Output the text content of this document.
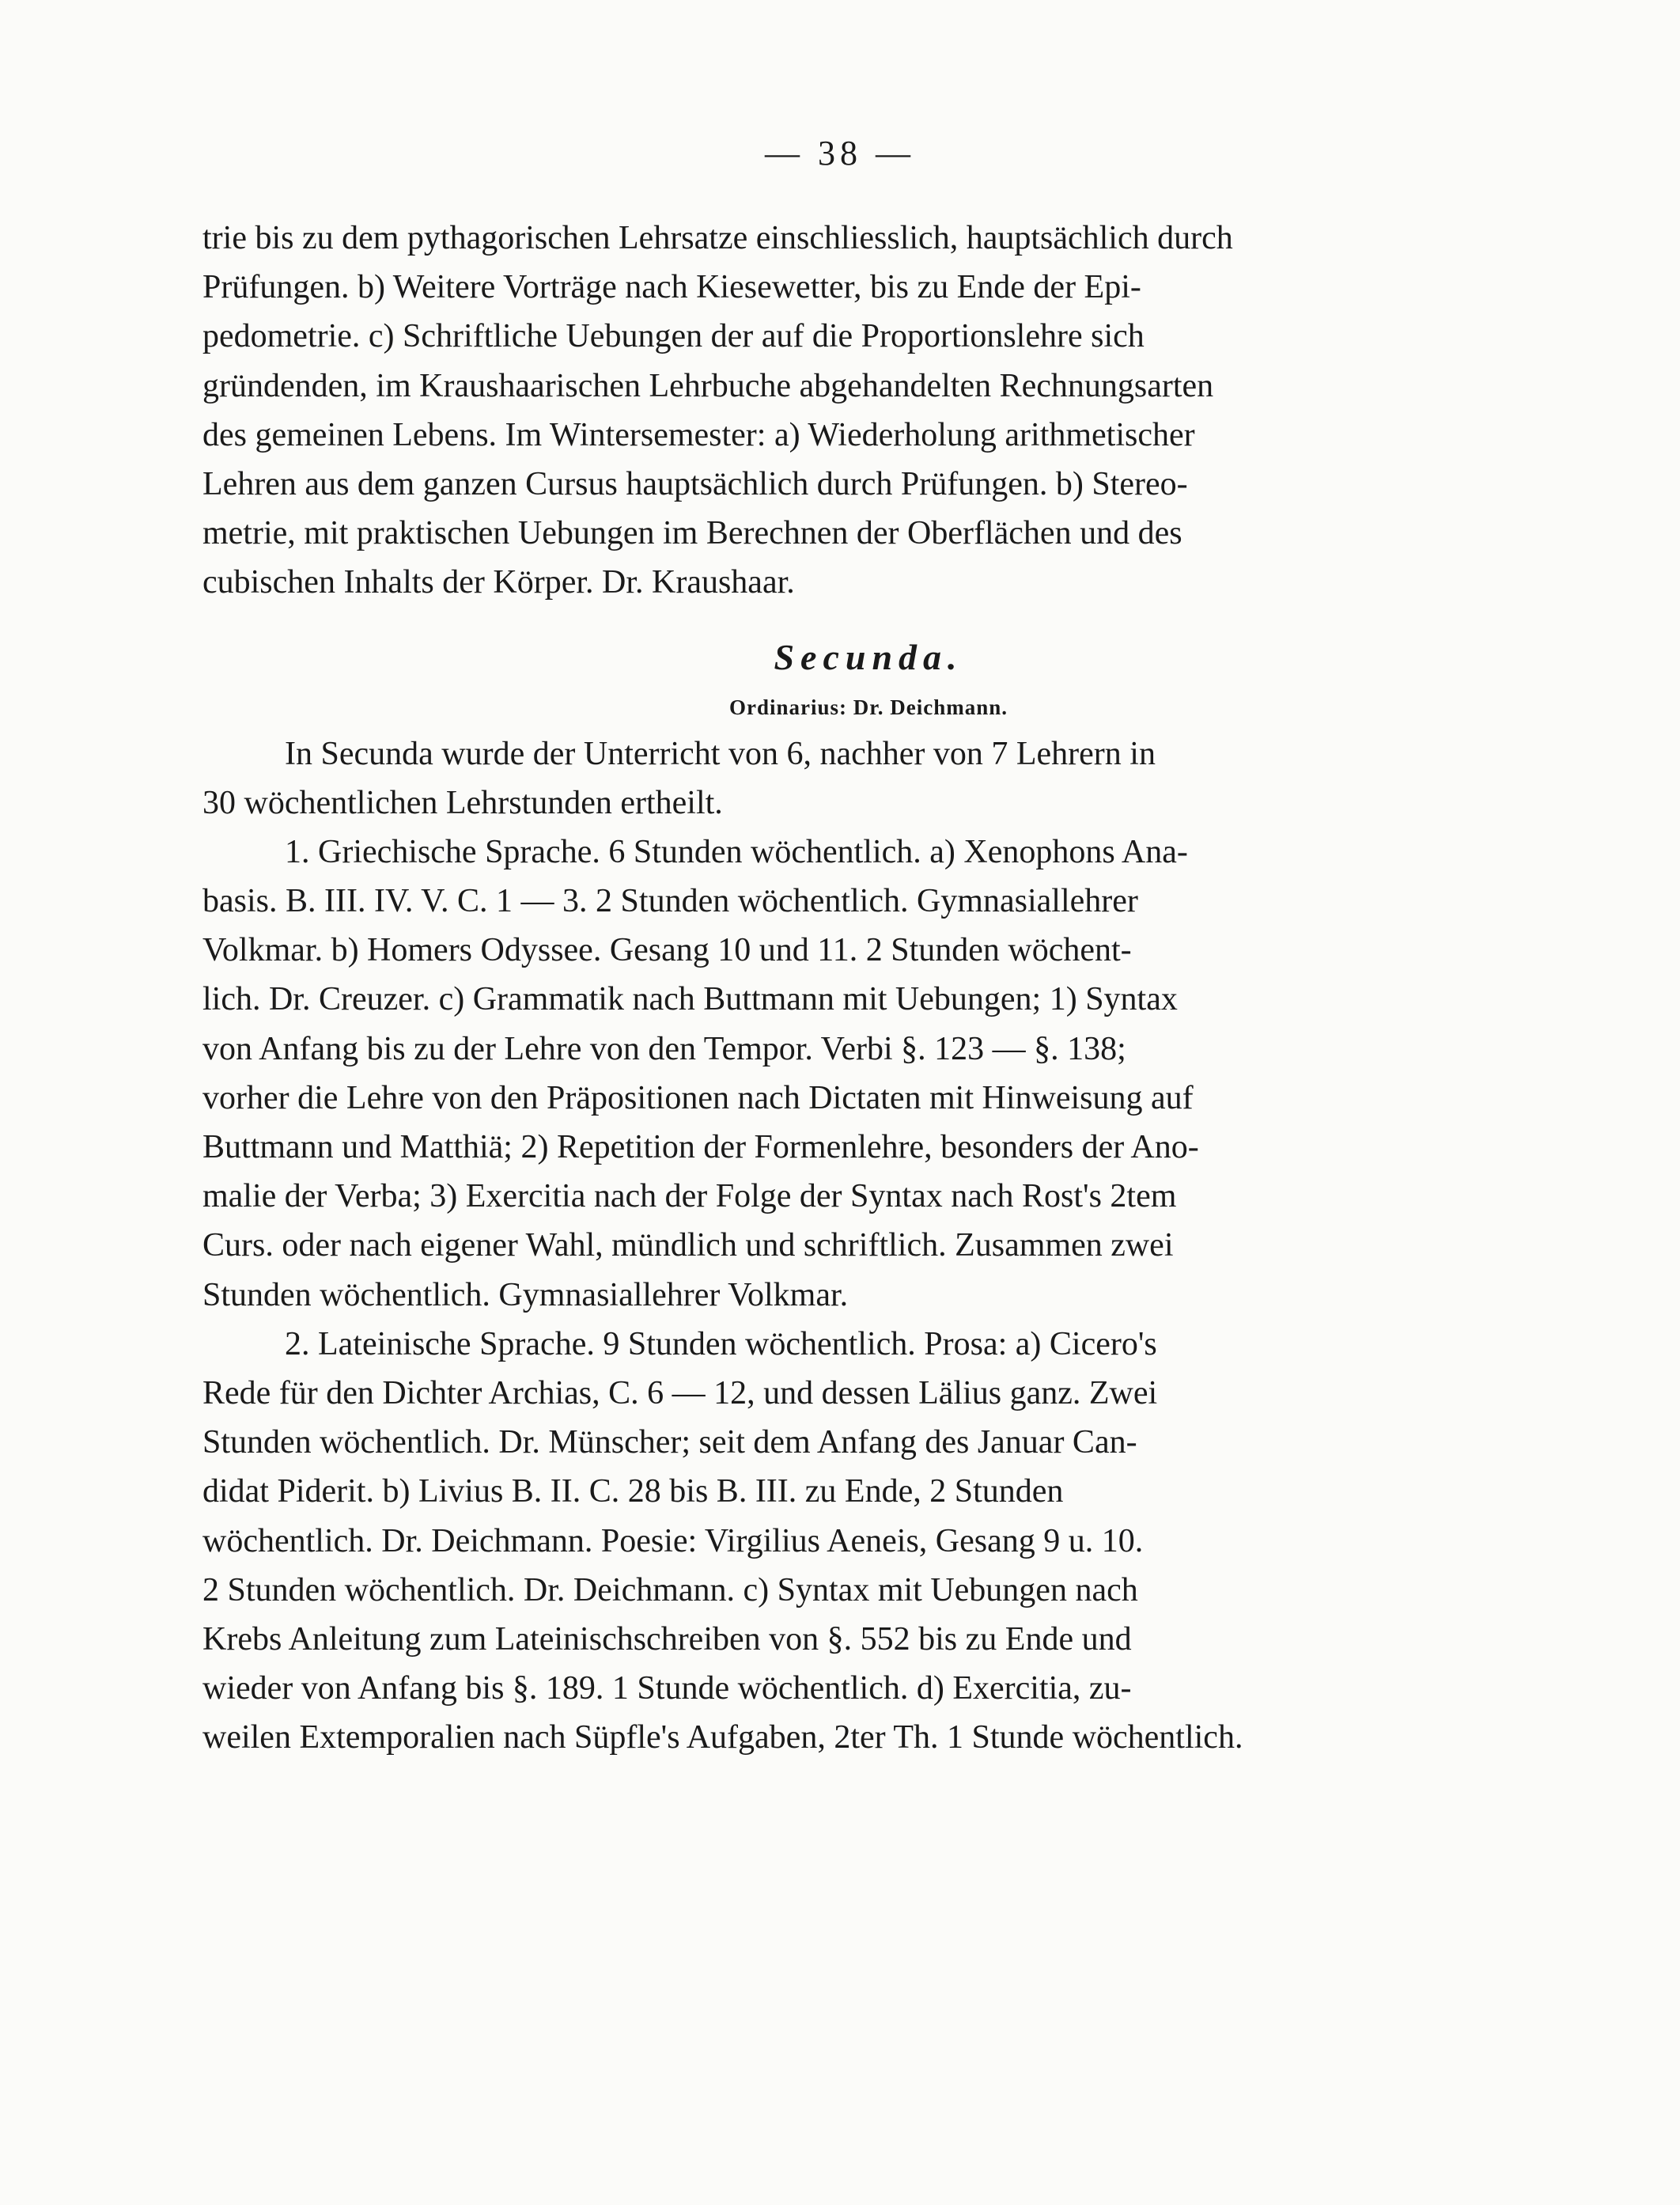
— 38 —
trie bis zu dem pythagorischen Lehrsatze einschliesslich, hauptsächlich durch
Prüfungen. b) Weitere Vorträge nach Kiesewetter, bis zu Ende der Epi-
pedometrie. c) Schriftliche Uebungen der auf die Proportionslehre sich
gründenden, im Kraushaarischen Lehrbuche abgehandelten Rechnungsarten
des gemeinen Lebens. Im Wintersemester: a) Wiederholung arithmetischer
Lehren aus dem ganzen Cursus hauptsächlich durch Prüfungen. b) Stereo-
metrie, mit praktischen Uebungen im Berechnen der Oberflächen und des
cubischen Inhalts der Körper. Dr. Kraushaar.
Secunda.
Ordinarius: Dr. Deichmann.
In Secunda wurde der Unterricht von 6, nachher von 7 Lehrern in
30 wöchentlichen Lehrstunden ertheilt.
1. Griechische Sprache. 6 Stunden wöchentlich. a) Xenophons Ana-
basis. B. III. IV. V. C. 1 — 3. 2 Stunden wöchentlich. Gymnasiallehrer
Volkmar. b) Homers Odyssee. Gesang 10 und 11. 2 Stunden wöchent-
lich. Dr. Creuzer. c) Grammatik nach Buttmann mit Uebungen; 1) Syntax
von Anfang bis zu der Lehre von den Tempor. Verbi §. 123 — §. 138;
vorher die Lehre von den Präpositionen nach Dictaten mit Hinweisung auf
Buttmann und Matthiä; 2) Repetition der Formenlehre, besonders der Ano-
malie der Verba; 3) Exercitia nach der Folge der Syntax nach Rost's 2tem
Curs. oder nach eigener Wahl, mündlich und schriftlich. Zusammen zwei
Stunden wöchentlich. Gymnasiallehrer Volkmar.
2. Lateinische Sprache. 9 Stunden wöchentlich. Prosa: a) Cicero's
Rede für den Dichter Archias, C. 6 — 12, und dessen Lälius ganz. Zwei
Stunden wöchentlich. Dr. Münscher; seit dem Anfang des Januar Can-
didat Piderit. b) Livius B. II. C. 28 bis B. III. zu Ende, 2 Stunden
wöchentlich. Dr. Deichmann. Poesie: Virgilius Aeneis, Gesang 9 u. 10.
2 Stunden wöchentlich. Dr. Deichmann. c) Syntax mit Uebungen nach
Krebs Anleitung zum Lateinischschreiben von §. 552 bis zu Ende und
wieder von Anfang bis §. 189. 1 Stunde wöchentlich. d) Exercitia, zu-
weilen Extemporalien nach Süpfle's Aufgaben, 2ter Th. 1 Stunde wöchentlich.
